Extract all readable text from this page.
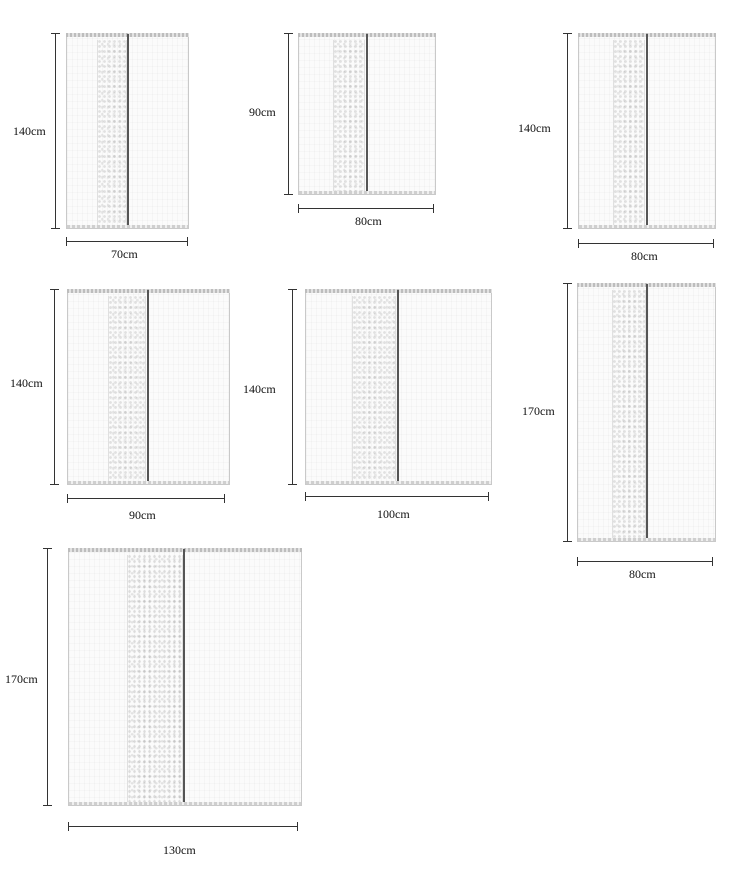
140cm
70cm
90cm
80cm
140cm
80cm
140cm
90cm
140cm
100cm
170cm
80cm
170cm
130cm
